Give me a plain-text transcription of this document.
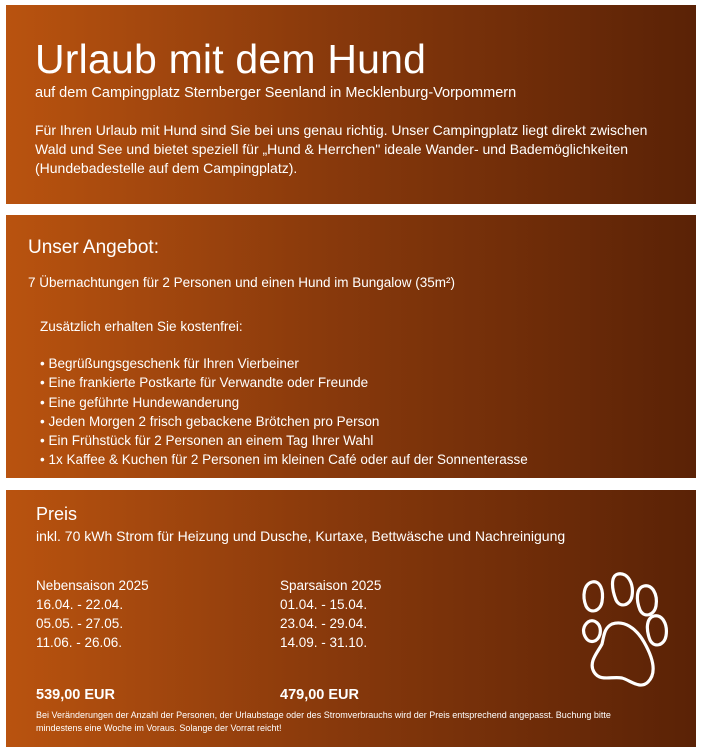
Urlaub mit dem Hund
auf dem Campingplatz Sternberger Seenland in Mecklenburg-Vorpommern
Für Ihren Urlaub mit Hund sind Sie bei uns genau richtig. Unser Campingplatz liegt direkt zwischen Wald und See und bietet speziell für „Hund & Herrchen" ideale Wander- und Bademöglichkeiten (Hundebadestelle auf dem Campingplatz).
Unser Angebot:
7 Übernachtungen für 2 Personen und einen Hund im Bungalow (35m²)
Zusätzlich erhalten Sie kostenfrei:
• Begrüßungsgeschenk für Ihren Vierbeiner
• Eine frankierte Postkarte für Verwandte oder Freunde
• Eine geführte Hundewanderung
• Jeden Morgen 2 frisch gebackene Brötchen pro Person
• Ein Frühstück für 2 Personen an einem Tag Ihrer Wahl
• 1x Kaffee & Kuchen für 2 Personen im kleinen Café oder auf der Sonnenterasse
Preis
inkl. 70 kWh Strom für Heizung und Dusche, Kurtaxe, Bettwäsche und Nachreinigung
Nebensaison 2025
16.04. - 22.04.
05.05. - 27.05.
11.06. - 26.06.
539,00 EUR
Sparsaison 2025
01.04. - 15.04.
23.04. - 29.04.
14.09. - 31.10.
479,00 EUR
Bei Veränderungen der Anzahl der Personen, der Urlaubstage oder des Stromverbrauchs wird der Preis entsprechend angepasst. Buchung bitte mindestens eine Woche im Voraus. Solange der Vorrat reicht!
